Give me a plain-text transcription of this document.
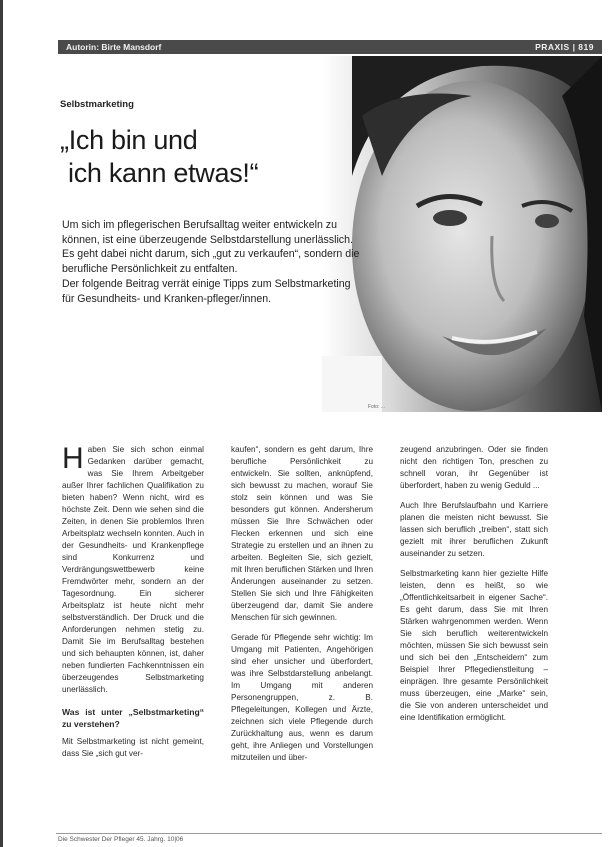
Autorin: Birte Mansdorf	PRAXIS | 819
Foto: ...
Selbstmarketing
„Ich bin und
ich kann etwas!“

Um sich im pflegerischen Berufsalltag weiter entwickeln zu können, ist eine überzeugende Selbstdarstellung unerlässlich. Es geht dabei nicht darum, sich „gut zu verkaufen“, sondern die berufliche Persönlichkeit zu entfalten.

Der folgende Beitrag verrät einige Tipps zum Selbstmarketing für Gesundheits- und Kranken-pfleger/innen.

Haben Sie sich schon einmal Gedanken darüber gemacht, was Sie Ihrem Arbeitgeber außer Ihrer fachlichen Qualifikation zu bieten haben? Wenn nicht, wird es höchste Zeit. Denn wie sehen sind die Zeiten, in denen Sie problemlos Ihren Arbeitsplatz wechseln konnten. Auch in der Gesundheits- und Krankenpflege sind Konkurrenz und Verdrängungswettbewerb keine Fremdwörter mehr, sondern an der Tagesordnung. Ein sicherer Arbeitsplatz ist heute nicht mehr selbstverständlich. Der Druck und die Anforderungen nehmen stetig zu. Damit Sie im Berufsalltag bestehen und sich behaupten können, ist, daher neben fundierten Fachkenntnissen ein überzeugendes Selbstmarketing unerlässlich.

Was ist unter „Selbstmarketing“ zu verstehen?

Mit Selbstmarketing ist nicht gemeint, dass Sie „sich gut ver-

kaufen“, sondern es geht darum, Ihre berufliche Persönlichkeit zu entwickeln. Sie sollten, anknüpfend, sich bewusst zu machen, worauf Sie stolz sein können und was Sie besonders gut können. Andersherum müssen Sie Ihre Schwächen oder Flecken erkennen und sich eine Strategie zu erstellen und an ihnen zu arbeiten. Begleiten Sie, sich gezielt, mit Ihren beruflichen Stärken und Ihren Änderungen auseinander zu setzen. Stellen Sie sich und Ihre Fähigkeiten überzeugend dar, damit Sie andere Menschen für sich gewinnen.

Gerade für Pflegende sehr wichtig: Im Umgang mit Patienten, Angehörigen sind eher unsicher und überfordert, was ihre Selbstdarstellung anbelangt. Im Umgang mit anderen Personengruppen, z. B. Pflegeleitungen, Kollegen und Ärzte, zeichnen sich viele Pflegende durch Zurückhaltung aus, wenn es darum geht, ihre Anliegen und Vorstellungen mitzuteilen und über-

zeugend anzubringen. Oder sie finden nicht den richtigen Ton, preschen zu schnell voran, ihr Gegenüber ist überfordert, haben zu wenig Geduld ...

Auch Ihre Berufslaufbahn und Karriere planen die meisten nicht bewusst. Sie lassen sich beruflich „treiben“, statt sich gezielt mit ihrer beruflichen Zukunft auseinander zu setzen.

Selbstmarketing kann hier gezielte Hilfe leisten, denn es heißt, so wie „Öffentlichkeitsarbeit in eigener Sache“. Es geht darum, dass Sie mit Ihren Stärken wahrgenommen werden. Wenn Sie sich beruflich weiterentwickeln möchten, müssen Sie sich bewusst sein und sich bei den „Entscheidern“ zum Beispiel Ihrer Pflegedienstleitung – einprägen. Ihre gesamte Persönlichkeit muss überzeugen, eine „Marke“ sein, die Sie von anderen unterscheidet und eine Identifikation ermöglicht.

Die Schwester Der Pfleger 45. Jahrg. 10|06
